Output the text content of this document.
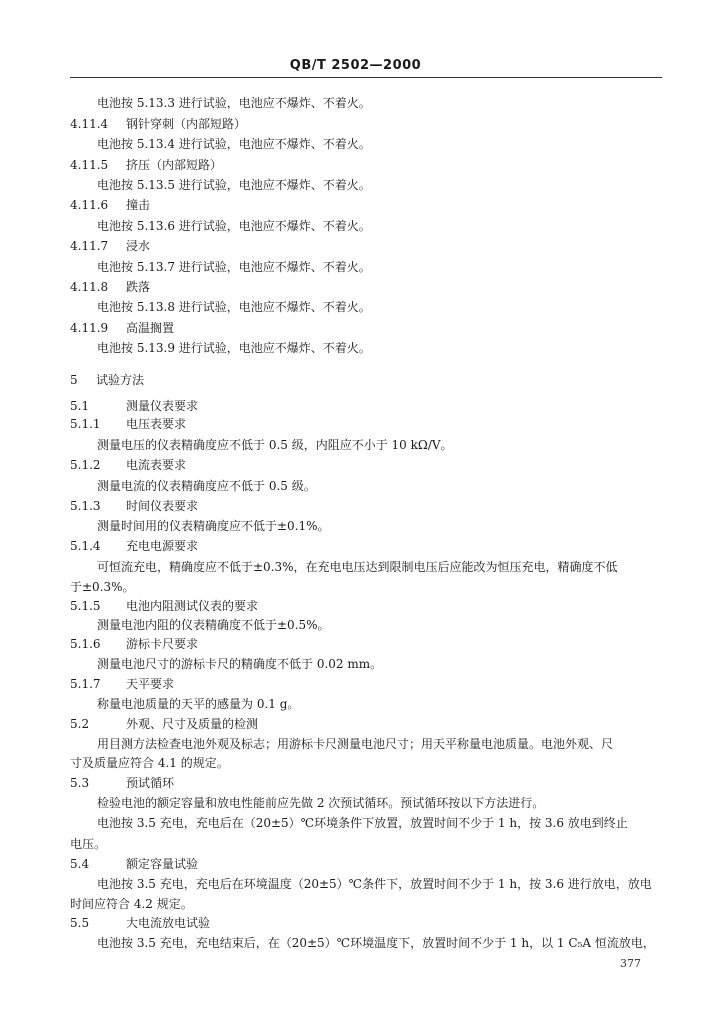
QB/T 2502—2000
电池按 5.13.3 进行试验，电池应不爆炸、不着火。
4.11.4 钢针穿刺（内部短路）
电池按 5.13.4 进行试验，电池应不爆炸、不着火。
4.11.5 挤压（内部短路）
电池按 5.13.5 进行试验，电池应不爆炸、不着火。
4.11.6 撞击
电池按 5.13.6 进行试验，电池应不爆炸、不着火。
4.11.7 浸水
电池按 5.13.7 进行试验，电池应不爆炸、不着火。
4.11.8 跌落
电池按 5.13.8 进行试验，电池应不爆炸、不着火。
4.11.9 高温搁置
电池按 5.13.9 进行试验，电池应不爆炸、不着火。
5 试验方法
5.1	测量仪表要求
5.1.1 电压表要求
测量电压的仪表精确度应不低于 0.5 级，内阻应不小于 10 kΩ/V。
5.1.2 电流表要求
测量电流的仪表精确度应不低于 0.5 级。
5.1.3 时间仪表要求
测量时间用的仪表精确度应不低于±0.1%。
5.1.4 充电电源要求
可恒流充电，精确度应不低于±0.3%，在充电电压达到限制电压后应能改为恒压充电，精确度不低
于±0.3%。
5.1.5 电池内阻测试仪表的要求
测量电池内阻的仪表精确度不低于±0.5%。
5.1.6 游标卡尺要求
测量电池尺寸的游标卡尺的精确度不低于 0.02 mm。
5.1.7 天平要求
称量电池质量的天平的感量为 0.1 g。
5.2	外观、尺寸及质量的检测
用目测方法检查电池外观及标志；用游标卡尺测量电池尺寸；用天平称量电池质量。电池外观、尺
寸及质量应符合 4.1 的规定。
5.3	预试循环
检验电池的额定容量和放电性能前应先做 2 次预试循环。预试循环按以下方法进行。
电池按 3.5 充电，充电后在（20±5）℃环境条件下放置，放置时间不少于 1 h，按 3.6 放电到终止
电压。
5.4	额定容量试验
电池按 3.5 充电，充电后在环境温度（20±5）℃条件下，放置时间不少于 1 h，按 3.6 进行放电，放电
时间应符合 4.2 规定。
5.5	大电流放电试验
电池按 3.5 充电，充电结束后，在（20±5）℃环境温度下，放置时间不少于 1 h，以 1 C₅A 恒流放电，
377
